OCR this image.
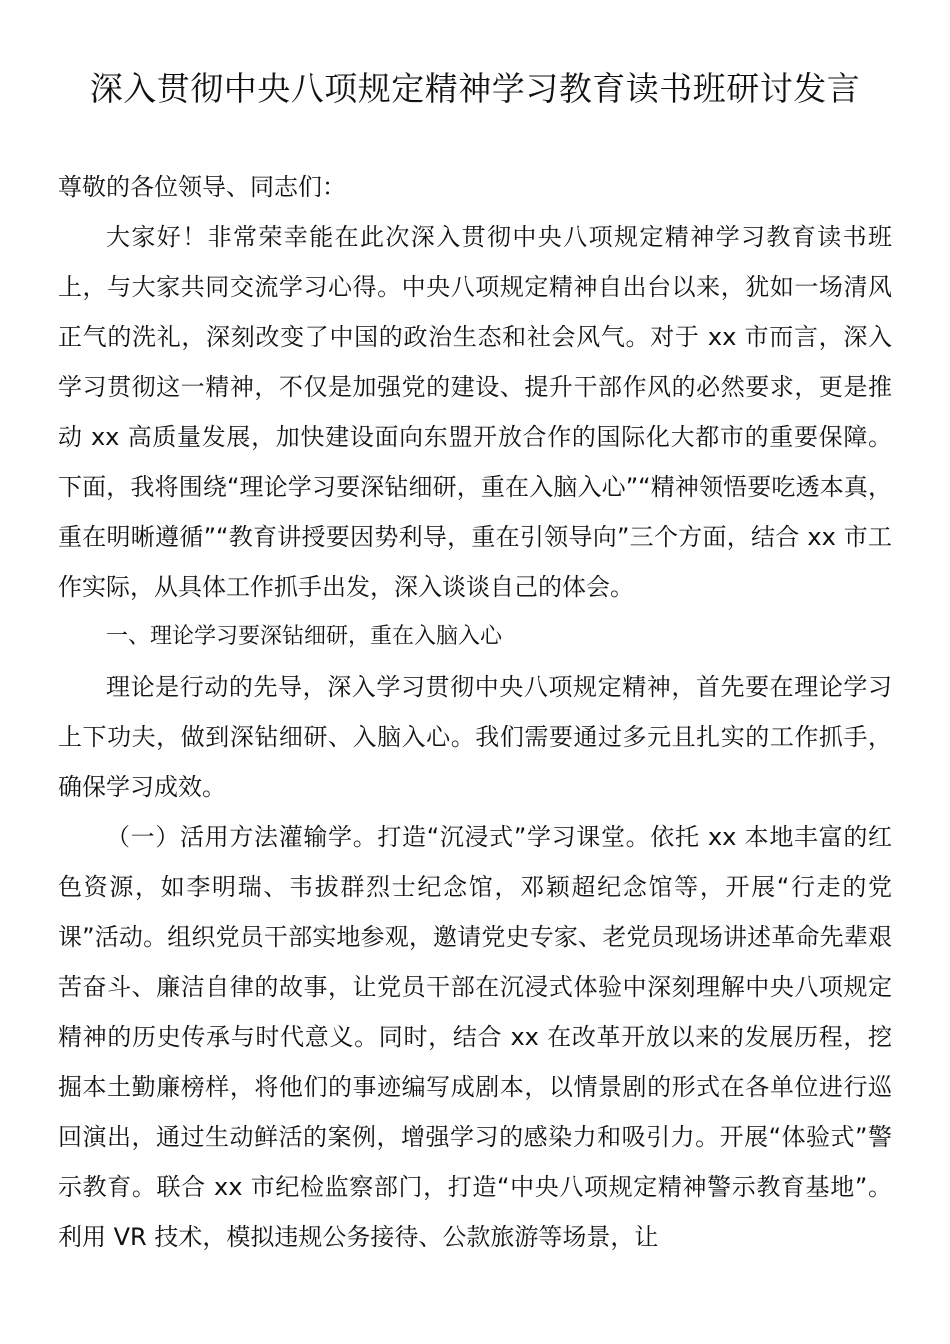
深入贯彻中央八项规定精神学习教育读书班研讨发言

尊敬的各位领导、同志们：

大家好！非常荣幸能在此次深入贯彻中央八项规定精神学习教育读书班上，与大家共同交流学习心得。中央八项规定精神自出台以来，犹如一场清风正气的洗礼，深刻改变了中国的政治生态和社会风气。对于 xx 市而言，深入学习贯彻这一精神，不仅是加强党的建设、提升干部作风的必然要求，更是推动 xx 高质量发展，加快建设面向东盟开放合作的国际化大都市的重要保障。下面，我将围绕“理论学习要深钻细研，重在入脑入心”“精神领悟要吃透本真，重在明晰遵循”“教育讲授要因势利导，重在引领导向”三个方面，结合 xx 市工作实际，从具体工作抓手出发，深入谈谈自己的体会。

一、理论学习要深钻细研，重在入脑入心

理论是行动的先导，深入学习贯彻中央八项规定精神，首先要在理论学习上下功夫，做到深钻细研、入脑入心。我们需要通过多元且扎实的工作抓手，确保学习成效。

（一）活用方法灌输学。打造“沉浸式”学习课堂。依托 xx 本地丰富的红色资源，如李明瑞、韦拔群烈士纪念馆，邓颖超纪念馆等，开展“行走的党课”活动。组织党员干部实地参观，邀请党史专家、老党员现场讲述革命先辈艰苦奋斗、廉洁自律的故事，让党员干部在沉浸式体验中深刻理解中央八项规定精神的历史传承与时代意义。同时，结合 xx 在改革开放以来的发展历程，挖掘本土勤廉榜样，将他们的事迹编写成剧本，以情景剧的形式在各单位进行巡回演出，通过生动鲜活的案例，增强学习的感染力和吸引力。开展“体验式”警示教育。联合 xx 市纪检监察部门，打造“中央八项规定精神警示教育基地”。利用 VR 技术，模拟违规公务接待、公款旅游等场景，让
